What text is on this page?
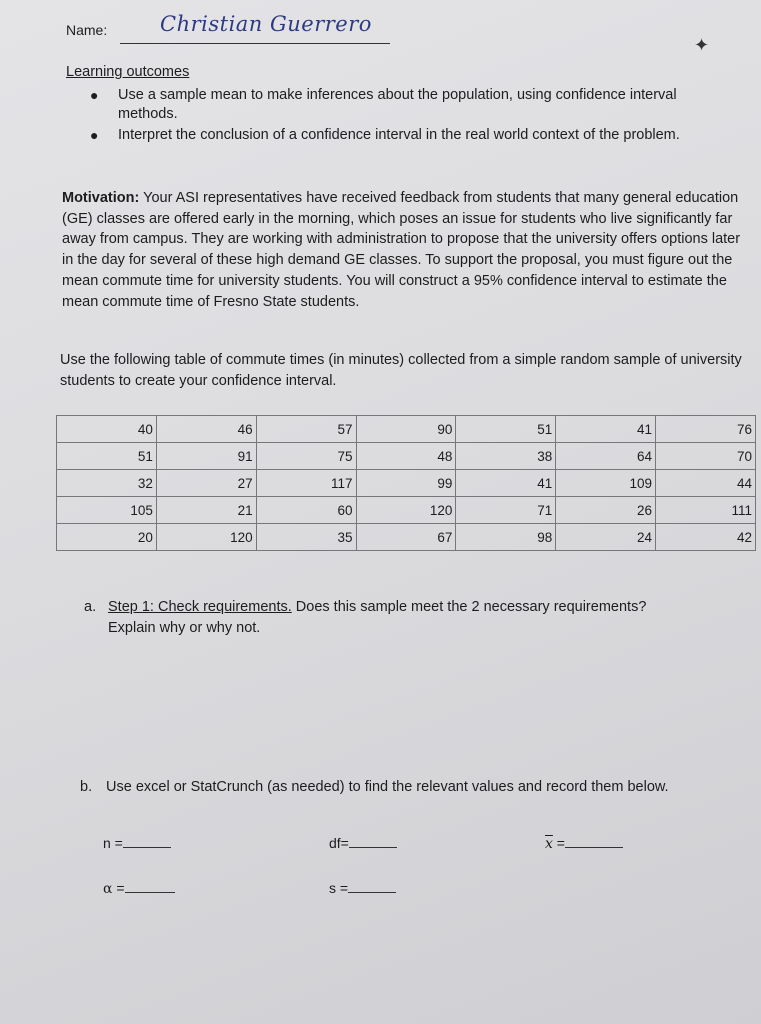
Name:	Christian Guerrero
✦
Learning outcomes
●	Use a sample mean to make inferences about the population, using confidence interval methods.
●	Interpret the conclusion of a confidence interval in the real world context of the problem.
Motivation: Your ASI representatives have received feedback from students that many general education (GE) classes are offered early in the morning, which poses an issue for students who live significantly far away from campus. They are working with administration to propose that the university offers options later in the day for several of these high demand GE classes. To support the proposal, you must figure out the mean commute time for university students. You will construct a 95% confidence interval to estimate the mean commute time of Fresno State students.
Use the following table of commute times (in minutes) collected from a simple random sample of university students to create your confidence interval.
40	46	57	90	51	41	76
51	91	75	48	38	64	70
32	27	117	99	41	109	44
105	21	60	120	71	26	111
20	120	35	67	98	24	42
a. Step 1: Check requirements. Does this sample meet the 2 necessary requirements?
Explain why or why not.
b. Use excel or StatCrunch (as needed) to find the relevant values and record them below.
n =	df=	$\overline{x}$ =
α =	s =
